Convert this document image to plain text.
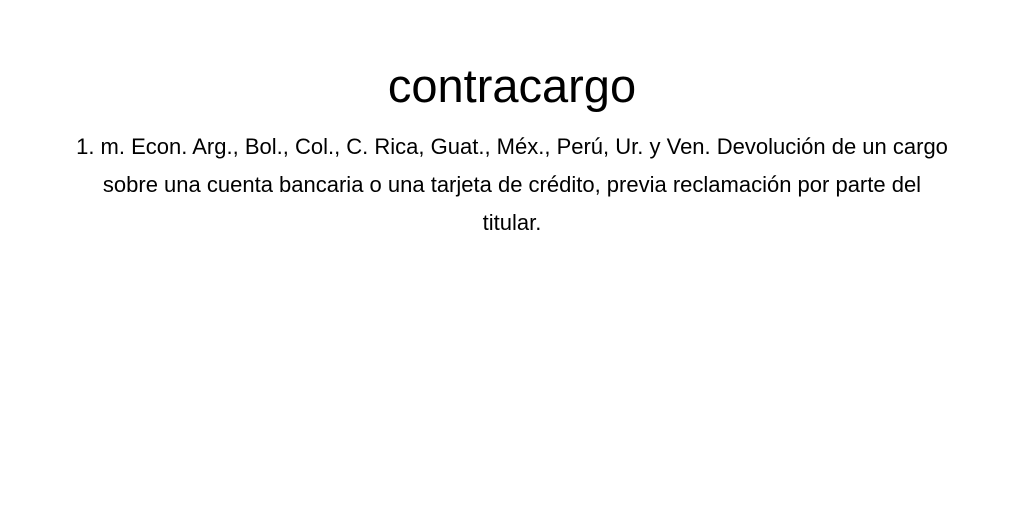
contracargo

1. m. Econ. Arg., Bol., Col., C. Rica, Guat., Méx., Perú, Ur. y Ven. Devolución de un cargo sobre una cuenta bancaria o una tarjeta de crédito, previa reclamación por parte del titular.
